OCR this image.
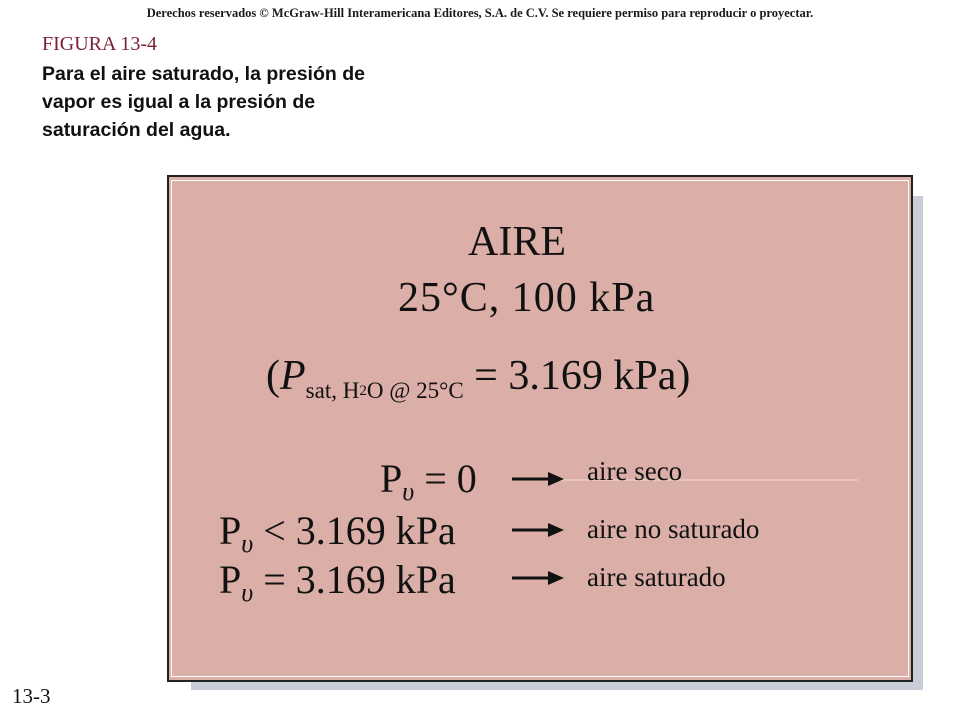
Derechos reservados © McGraw-Hill Interamericana Editores, S.A. de C.V. Se requiere permiso para reproducir o proyectar.
FIGURA 13-4
Para el aire saturado, la presión de vapor es igual a la presión de saturación del agua.
13-3
AIRE
25°C, 100 kPa
($P_{sat, H}2_{O @}$ $_{25^\circ C}$ = 3.169 kPa)
$P_\upsilon = 0$
$P_\upsilon < 3.169$ kPa
$P_\upsilon = 3.169$ kPa
aire seco
aire no saturado
aire saturado
